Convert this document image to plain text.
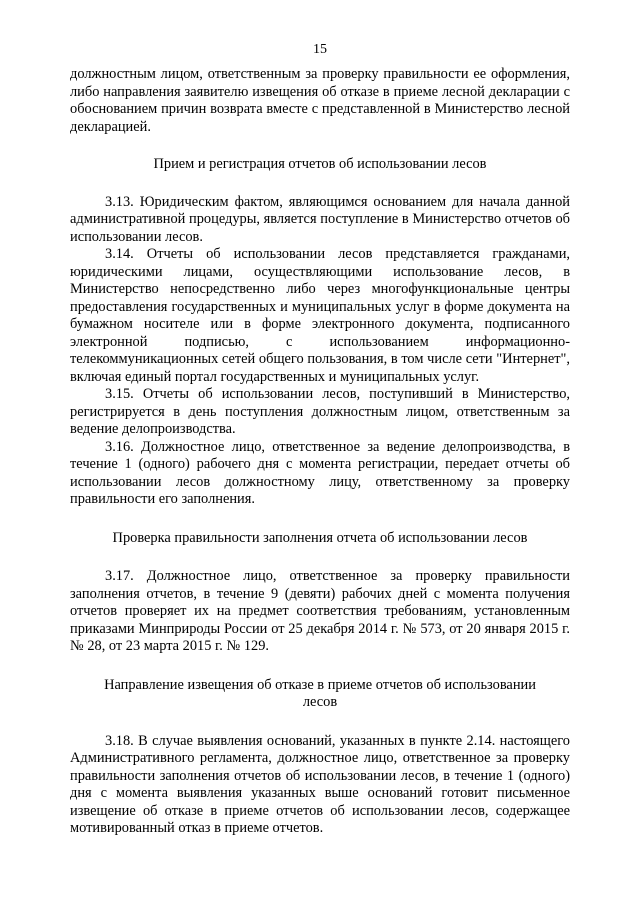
15

должностным лицом, ответственным за проверку правильности ее оформления, либо направления заявителю извещения об отказе в приеме лесной декларации с обоснованием причин возврата вместе с представленной в Министерство лесной декларацией.

Прием и регистрация отчетов об использовании лесов

3.13. Юридическим фактом, являющимся основанием для начала данной административной процедуры, является поступление в Министерство отчетов об использовании лесов.

3.14. Отчеты об использовании лесов представляется гражданами, юридическими лицами, осуществляющими использование лесов, в Министерство непосредственно либо через многофункциональные центры предоставления государственных и муниципальных услуг в форме документа на бумажном носителе или в форме электронного документа, подписанного электронной подписью, с использованием информационно-телекоммуникационных сетей общего пользования, в том числе сети "Интернет", включая единый портал государственных и муниципальных услуг.

3.15. Отчеты об использовании лесов, поступивший в Министерство, регистрируется в день поступления должностным лицом, ответственным за ведение делопроизводства.

3.16. Должностное лицо, ответственное за ведение делопроизводства, в течение 1 (одного) рабочего дня с момента регистрации, передает отчеты об использовании лесов должностному лицу, ответственному за проверку правильности его заполнения.

Проверка правильности заполнения отчета об использовании лесов

3.17. Должностное лицо, ответственное за проверку правильности заполнения отчетов, в течение 9 (девяти) рабочих дней с момента получения отчетов проверяет их на предмет соответствия требованиям, установленным приказами Минприроды России от 25 декабря 2014 г. № 573, от 20 января 2015 г. № 28, от 23 марта 2015 г. № 129.

Направление извещения об отказе в приеме отчетов об использовании лесов

3.18. В случае выявления оснований, указанных в пункте 2.14. настоящего Административного регламента, должностное лицо, ответственное за проверку правильности заполнения отчетов об использовании лесов, в течение 1 (одного) дня с момента выявления указанных выше оснований готовит письменное извещение об отказе в приеме отчетов об использовании лесов, содержащее мотивированный отказ в приеме отчетов.
